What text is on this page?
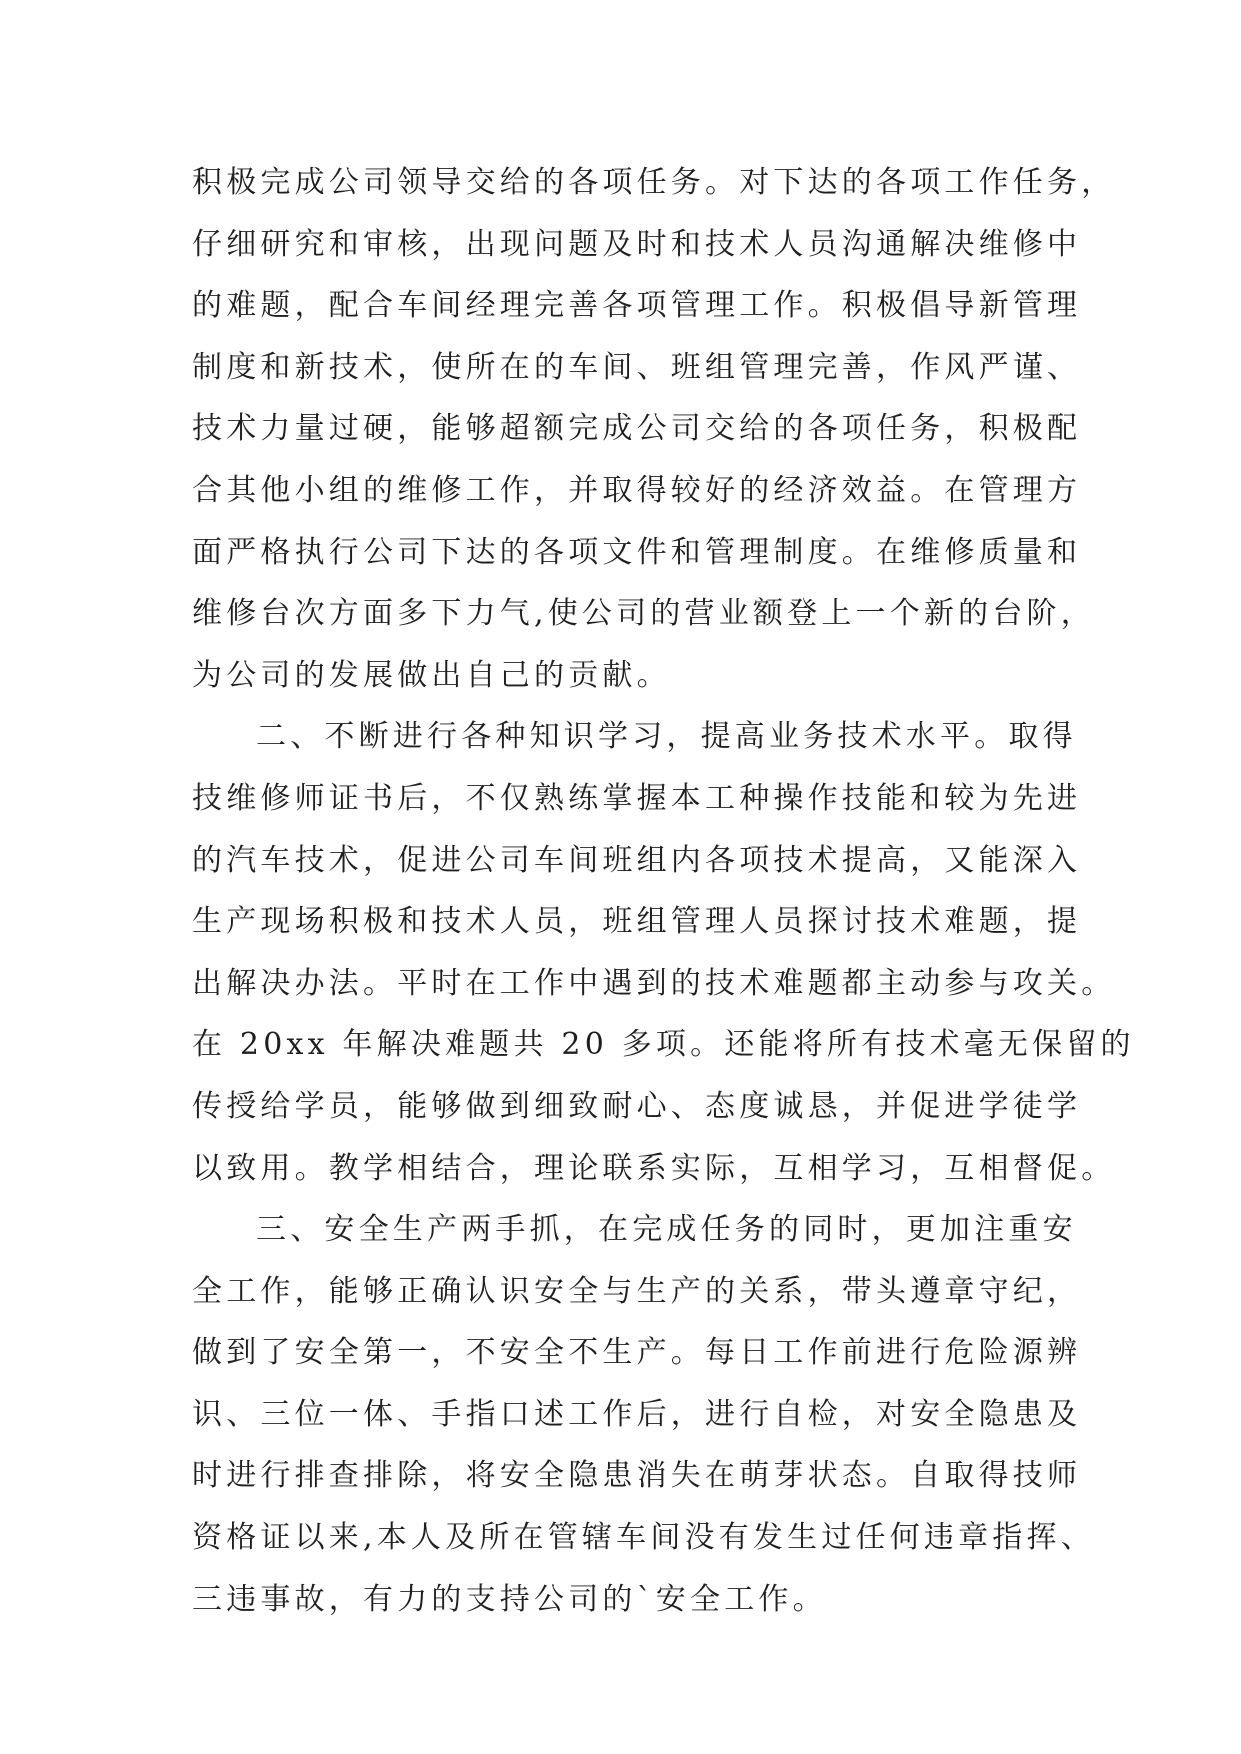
积极完成公司领导交给的各项任务。对下达的各项工作任务，
仔细研究和审核，出现问题及时和技术人员沟通解决维修中
的难题，配合车间经理完善各项管理工作。积极倡导新管理
制度和新技术，使所在的车间、班组管理完善，作风严谨、
技术力量过硬，能够超额完成公司交给的各项任务，积极配
合其他小组的维修工作，并取得较好的经济效益。在管理方
面严格执行公司下达的各项文件和管理制度。在维修质量和
维修台次方面多下力气,使公司的营业额登上一个新的台阶，
为公司的发展做出自己的贡献。
二、不断进行各种知识学习，提高业务技术水平。取得
技维修师证书后，不仅熟练掌握本工种操作技能和较为先进
的汽车技术，促进公司车间班组内各项技术提高，又能深入
生产现场积极和技术人员，班组管理人员探讨技术难题，提
出解决办法。平时在工作中遇到的技术难题都主动参与攻关。
在 20xx 年解决难题共 20 多项。还能将所有技术毫无保留的
传授给学员，能够做到细致耐心、态度诚恳，并促进学徒学
以致用。教学相结合，理论联系实际，互相学习，互相督促。
三、安全生产两手抓，在完成任务的同时，更加注重安
全工作，能够正确认识安全与生产的关系，带头遵章守纪，
做到了安全第一，不安全不生产。每日工作前进行危险源辨
识、三位一体、手指口述工作后，进行自检，对安全隐患及
时进行排查排除，将安全隐患消失在萌芽状态。自取得技师
资格证以来,本人及所在管辖车间没有发生过任何违章指挥、
三违事故，有力的支持公司的`安全工作。
